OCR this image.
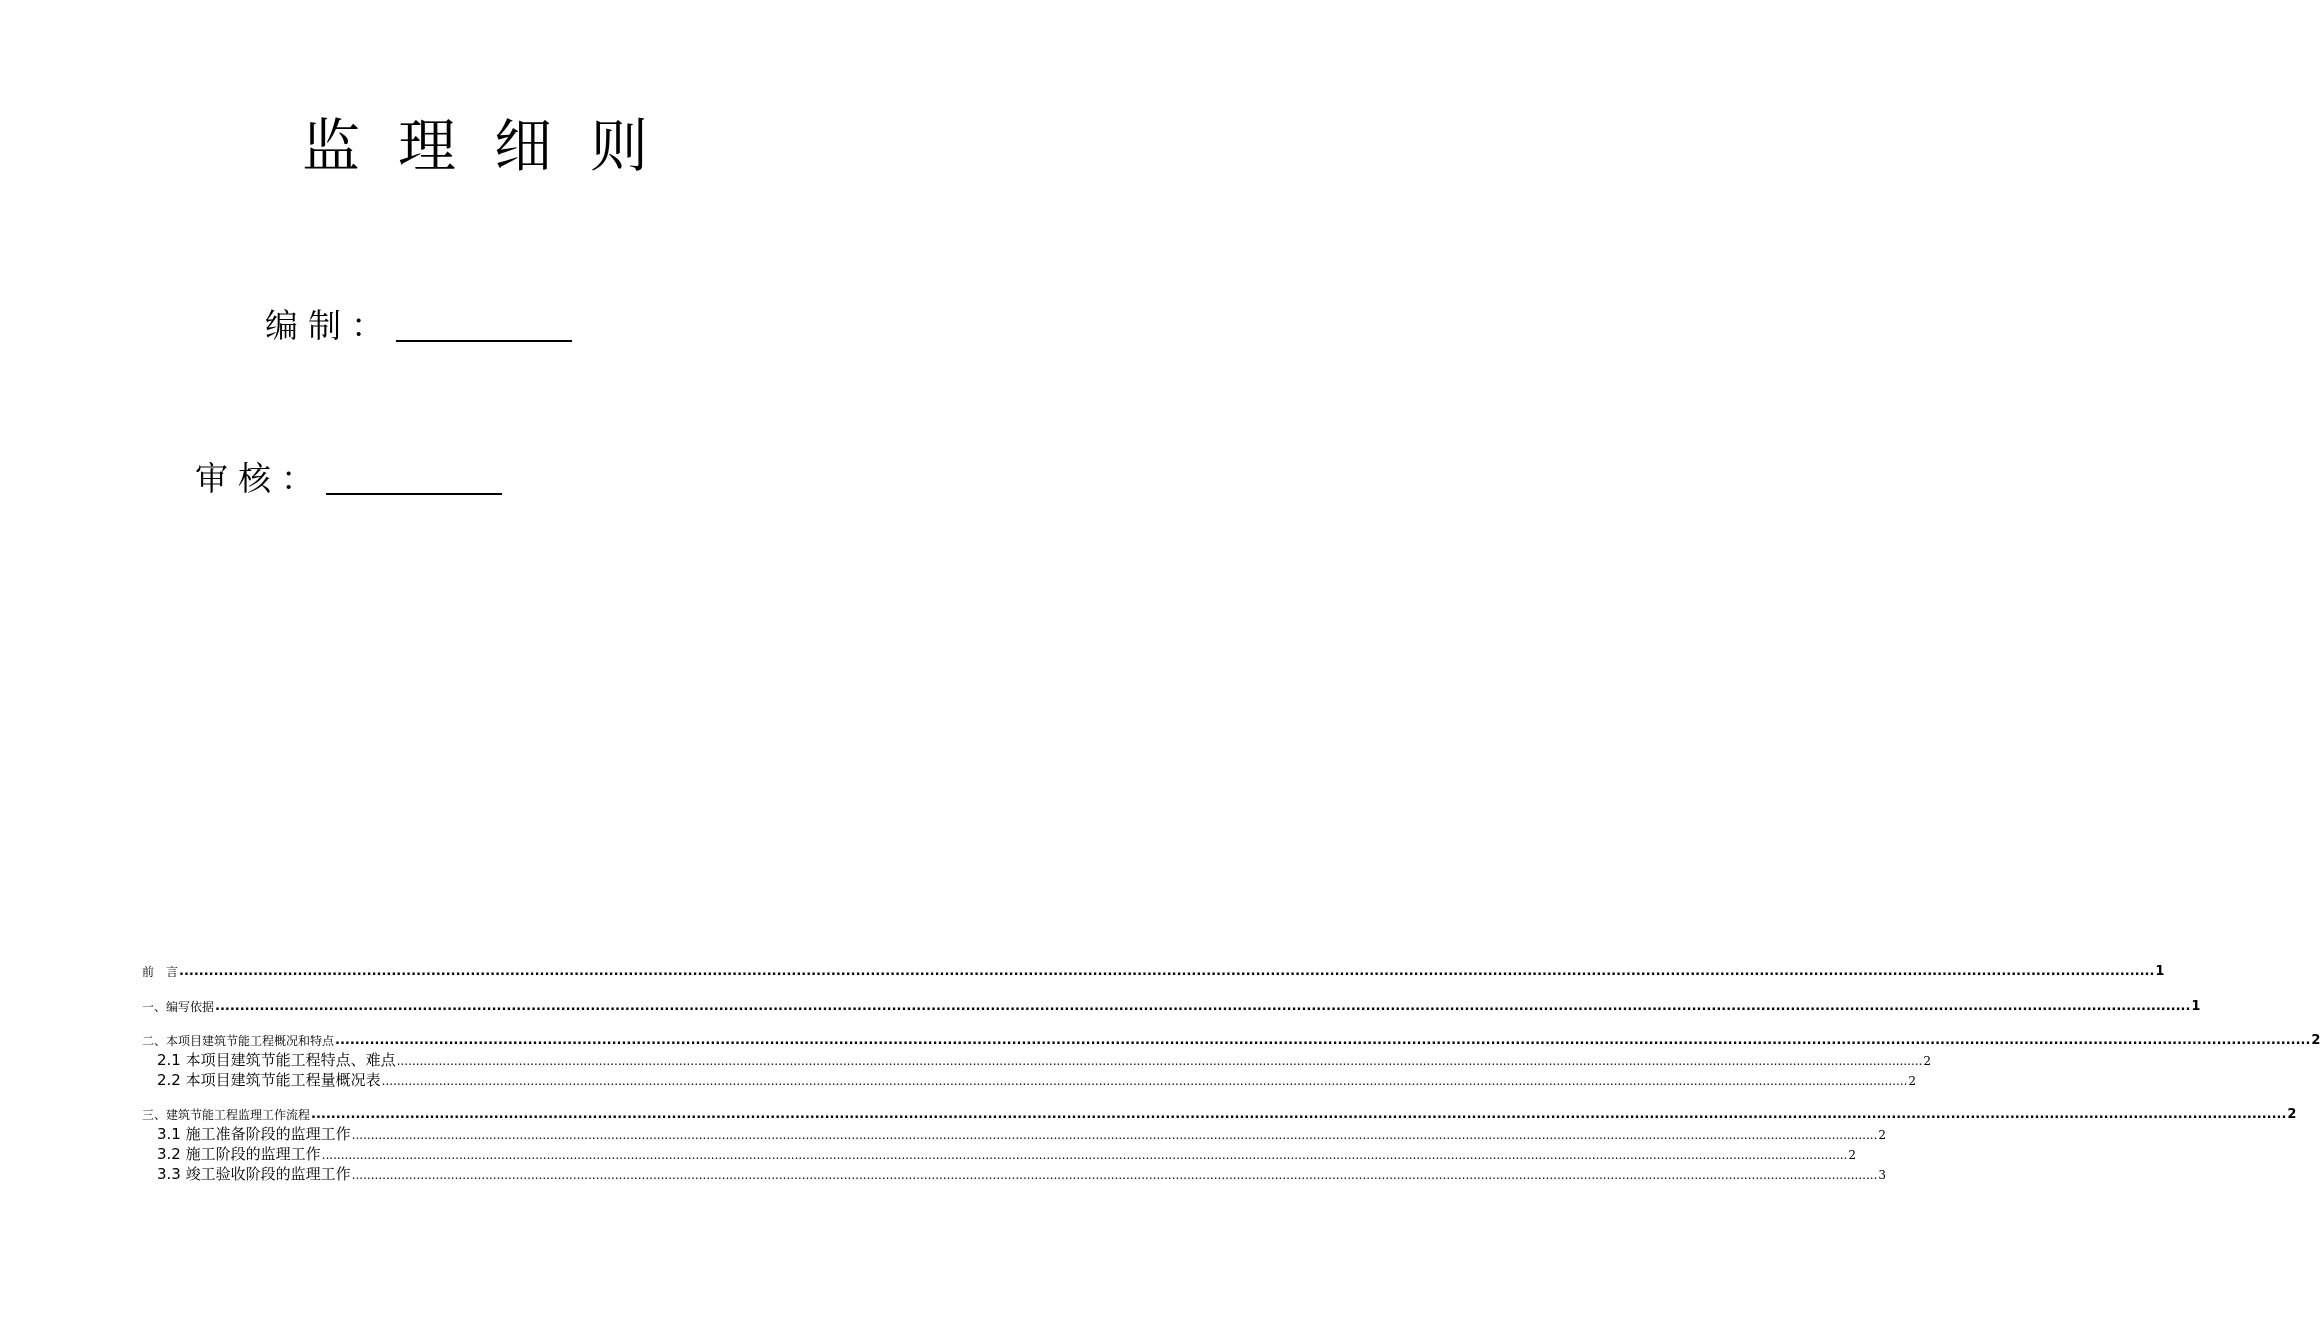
监理细则
编制：
审核：
前　言 ................................................................................................................................................................................................................................................................................................................................................................................................................ 1
一、编写依据 ................................................................................................................................................................................................................................................................................................................................................................................................................ 1
二、本项目建筑节能工程概况和特点 ................................................................................................................................................................................................................................................................................................................................................................................................................ 2
2.1 本项目建筑节能工程特点、难点 ................................................................................................................................................................................................................................................................................................................................................................................................................ 2
2.2 本项目建筑节能工程量概况表 ................................................................................................................................................................................................................................................................................................................................................................................................................ 2
三、建筑节能工程监理工作流程 ................................................................................................................................................................................................................................................................................................................................................................................................................ 2
3.1 施工准备阶段的监理工作 ................................................................................................................................................................................................................................................................................................................................................................................................................ 2
3.2 施工阶段的监理工作 ................................................................................................................................................................................................................................................................................................................................................................................................................ 2
3.3 竣工验收阶段的监理工作 ................................................................................................................................................................................................................................................................................................................................................................................................................ 3
